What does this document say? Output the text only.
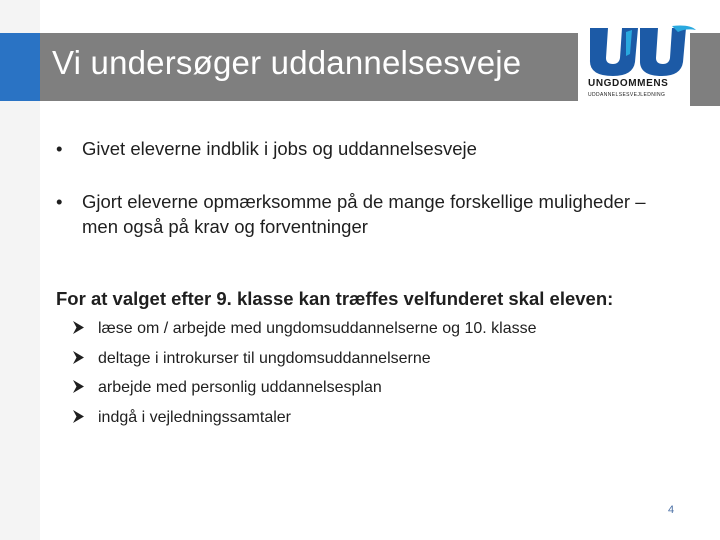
Vi undersøger uddannelsesveje
UNGDOMMENS
UDDANNELSESVEJLEDNING
• Givet eleverne indblik i jobs og uddannelsesveje
• Gjort eleverne opmærksomme på de mange forskellige muligheder – men også på krav og forventninger
For at valget efter 9. klasse kan træffes velfunderet skal eleven:
læse om / arbejde med ungdomsuddannelserne og 10. klasse
deltage i introkurser til ungdomsuddannelserne
arbejde med personlig uddannelsesplan
indgå i vejledningssamtaler
4
